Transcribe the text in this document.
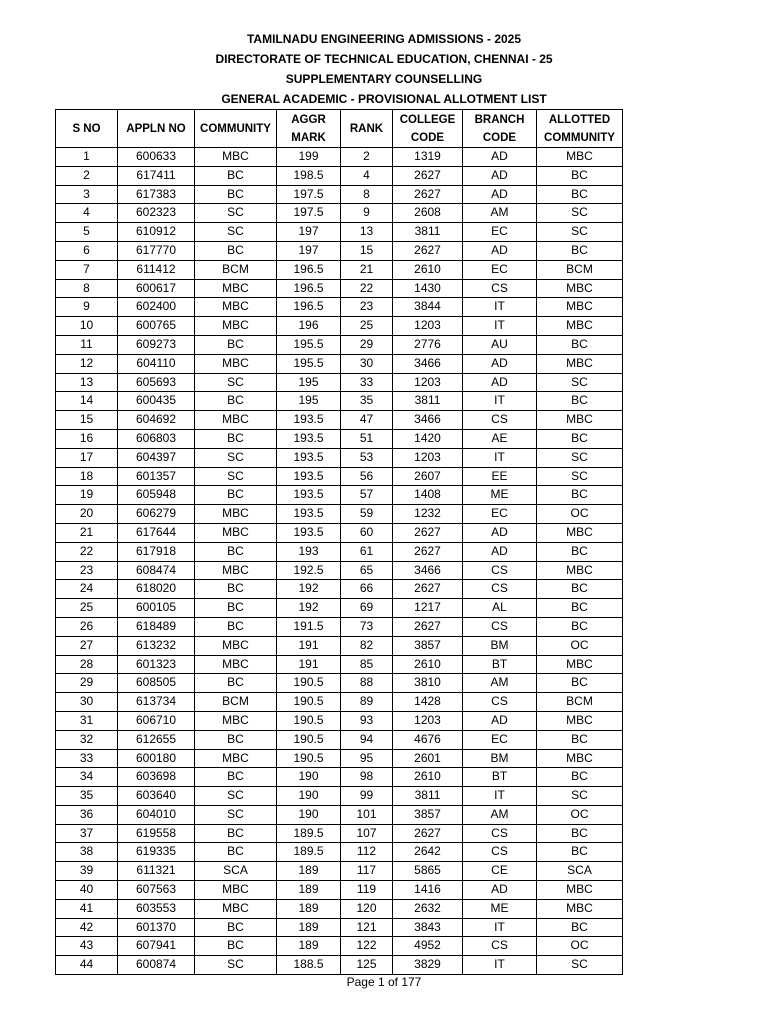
TAMILNADU ENGINEERING ADMISSIONS - 2025
DIRECTORATE OF TECHNICAL EDUCATION, CHENNAI - 25
SUPPLEMENTARY COUNSELLING
GENERAL ACADEMIC - PROVISIONAL ALLOTMENT LIST
S NO	APPLN NO	COMMUNITY	AGGR MARK	RANK	COLLEGE CODE	BRANCH CODE	ALLOTTED COMMUNITY
1	600633	MBC	199	2	1319	AD	MBC
2	617411	BC	198.5	4	2627	AD	BC
3	617383	BC	197.5	8	2627	AD	BC
4	602323	SC	197.5	9	2608	AM	SC
5	610912	SC	197	13	3811	EC	SC
6	617770	BC	197	15	2627	AD	BC
7	611412	BCM	196.5	21	2610	EC	BCM
8	600617	MBC	196.5	22	1430	CS	MBC
9	602400	MBC	196.5	23	3844	IT	MBC
10	600765	MBC	196	25	1203	IT	MBC
11	609273	BC	195.5	29	2776	AU	BC
12	604110	MBC	195.5	30	3466	AD	MBC
13	605693	SC	195	33	1203	AD	SC
14	600435	BC	195	35	3811	IT	BC
15	604692	MBC	193.5	47	3466	CS	MBC
16	606803	BC	193.5	51	1420	AE	BC
17	604397	SC	193.5	53	1203	IT	SC
18	601357	SC	193.5	56	2607	EE	SC
19	605948	BC	193.5	57	1408	ME	BC
20	606279	MBC	193.5	59	1232	EC	OC
21	617644	MBC	193.5	60	2627	AD	MBC
22	617918	BC	193	61	2627	AD	BC
23	608474	MBC	192.5	65	3466	CS	MBC
24	618020	BC	192	66	2627	CS	BC
25	600105	BC	192	69	1217	AL	BC
26	618489	BC	191.5	73	2627	CS	BC
27	613232	MBC	191	82	3857	BM	OC
28	601323	MBC	191	85	2610	BT	MBC
29	608505	BC	190.5	88	3810	AM	BC
30	613734	BCM	190.5	89	1428	CS	BCM
31	606710	MBC	190.5	93	1203	AD	MBC
32	612655	BC	190.5	94	4676	EC	BC
33	600180	MBC	190.5	95	2601	BM	MBC
34	603698	BC	190	98	2610	BT	BC
35	603640	SC	190	99	3811	IT	SC
36	604010	SC	190	101	3857	AM	OC
37	619558	BC	189.5	107	2627	CS	BC
38	619335	BC	189.5	112	2642	CS	BC
39	611321	SCA	189	117	5865	CE	SCA
40	607563	MBC	189	119	1416	AD	MBC
41	603553	MBC	189	120	2632	ME	MBC
42	601370	BC	189	121	3843	IT	BC
43	607941	BC	189	122	4952	CS	OC
44	600874	SC	188.5	125	3829	IT	SC
Page 1 of 177
